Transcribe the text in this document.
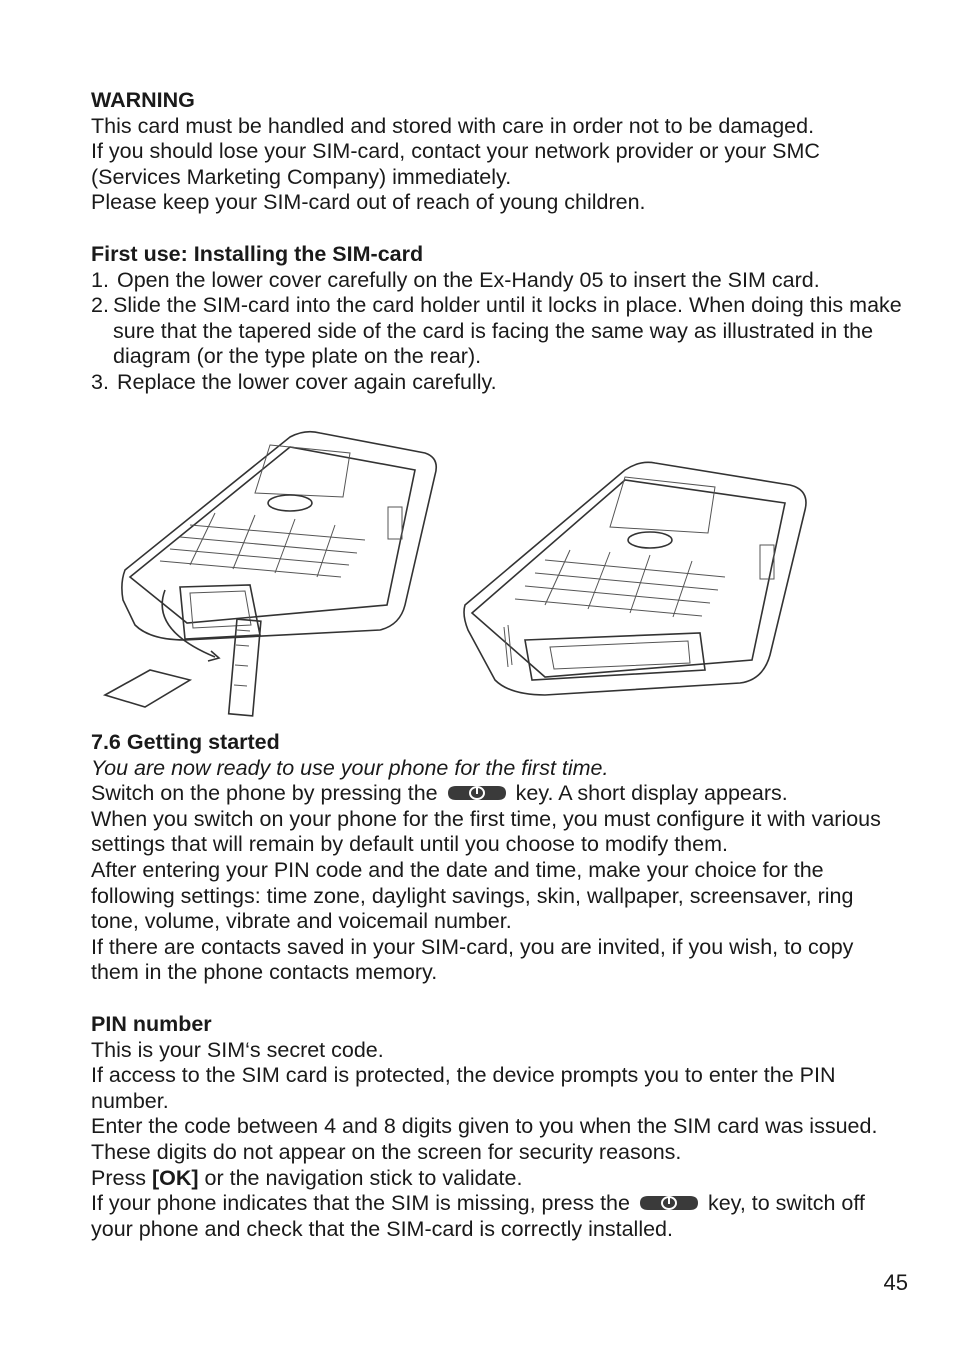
WARNING

This card must be handled and stored with care in order not to be damaged.

If you should lose your SIM-card, contact your network provider or your SMC (Services Marketing Company) immediately.

Please keep your SIM-card out of reach of young children.

First use: Installing the SIM-card

1. Open the lower cover carefully on the Ex-Handy 05 to insert the SIM card.

2. Slide the SIM-card into the card holder until it locks in place. When doing this make sure that the tapered side of the card is facing the same way as illustrated in the diagram (or the type plate on the rear).

3. Replace the lower cover again carefully.

7.6 Getting started

You are now ready to use your phone for the first time.

Switch on the phone by pressing the	key. A short display appears.

When you switch on your phone for the first time, you must configure it with various settings that will remain by default until you choose to modify them.

After entering your PIN code and the date and time, make your choice for the following settings: time zone, daylight savings, skin, wallpaper, screensaver, ring tone, volume, vibrate and voicemail number.

If there are contacts saved in your SIM-card, you are invited, if you wish, to copy them in the phone contacts memory.

PIN number

This is your SIM‘s secret code.

If access to the SIM card is protected, the device prompts you to enter the PIN number.

Enter the code between 4 and 8 digits given to you when the SIM card was issued. These digits do not appear on the screen for security reasons.

Press [OK] or the navigation stick to validate.

If your phone indicates that the SIM is missing, press the	key, to switch off your phone and check that the SIM-card is correctly installed.

45
